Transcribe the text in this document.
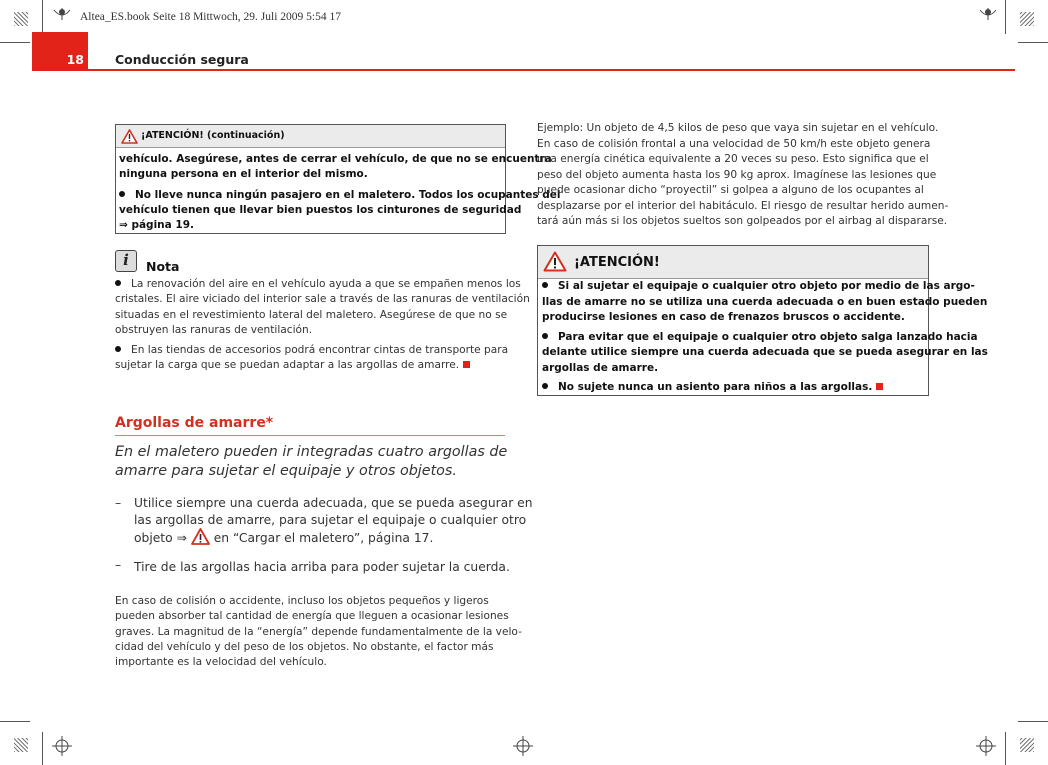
Altea_ES.book Seite 18 Mittwoch, 29. Juli 2009 5:54 17
18	Conducción segura
¡ATENCIÓN! (continuación)
vehículo. Asegúrese, antes de cerrar el vehículo, de que no se encuentra
ninguna persona en el interior del mismo.
No lleve nunca ningún pasajero en el maletero. Todos los ocupantes del
vehículo tienen que llevar bien puestos los cinturones de seguridad
⇒ página 19.
i	Nota
La renovación del aire en el vehículo ayuda a que se empañen menos los
cristales. El aire viciado del interior sale a través de las ranuras de ventilación
situadas en el revestimiento lateral del maletero. Asegúrese de que no se
obstruyen las ranuras de ventilación.
En las tiendas de accesorios podrá encontrar cintas de transporte para
sujetar la carga que se puedan adaptar a las argollas de amarre.
Argollas de amarre*
En el maletero pueden ir integradas cuatro argollas de
amarre para sujetar el equipaje y otros objetos.
– Utilice siempre una cuerda adecuada, que se pueda asegurar en
las argollas de amarre, para sujetar el equipaje o cualquier otro
objeto ⇒ en “Cargar el maletero”, página 17.
– Tire de las argollas hacia arriba para poder sujetar la cuerda.
En caso de colisión o accidente, incluso los objetos pequeños y ligeros
pueden absorber tal cantidad de energía que lleguen a ocasionar lesiones
graves. La magnitud de la “energía” depende fundamentalmente de la velo-
cidad del vehículo y del peso de los objetos. No obstante, el factor más
importante es la velocidad del vehículo.
Ejemplo: Un objeto de 4,5 kilos de peso que vaya sin sujetar en el vehículo.
En caso de colisión frontal a una velocidad de 50 km/h este objeto genera
una energía cinética equivalente a 20 veces su peso. Esto significa que el
peso del objeto aumenta hasta los 90 kg aprox. Imagínese las lesiones que
puede ocasionar dicho “proyectil” si golpea a alguno de los ocupantes al
desplazarse por el interior del habitáculo. El riesgo de resultar herido aumen-
tará aún más si los objetos sueltos son golpeados por el airbag al dispararse.
¡ATENCIÓN!
Si al sujetar el equipaje o cualquier otro objeto por medio de las argo-
llas de amarre no se utiliza una cuerda adecuada o en buen estado pueden
producirse lesiones en caso de frenazos bruscos o accidente.
Para evitar que el equipaje o cualquier otro objeto salga lanzado hacia
delante utilice siempre una cuerda adecuada que se pueda asegurar en las
argollas de amarre.
No sujete nunca un asiento para niños a las argollas.
